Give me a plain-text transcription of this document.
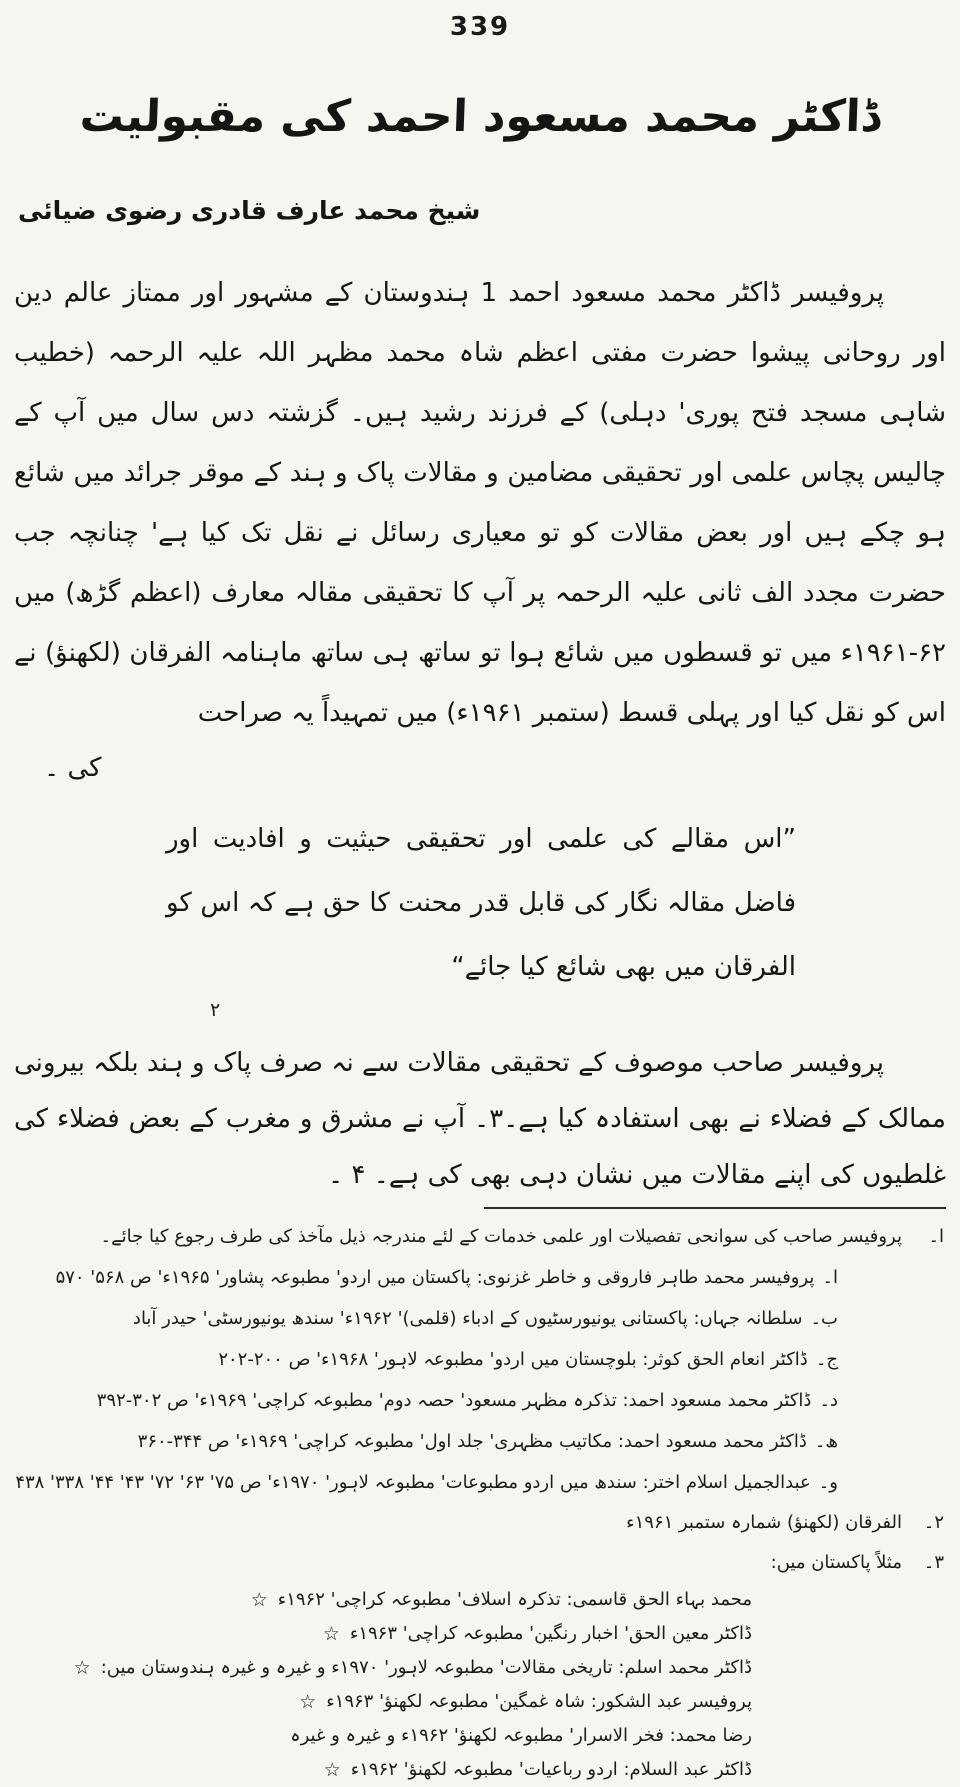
339
ڈاکٹر محمد مسعود احمد کی مقبولیت
شیخ محمد عارف قادری رضوی ضیائی

پروفیسر ڈاکٹر محمد مسعود احمد 1 ہندوستان کے مشہور اور ممتاز عالم دین اور روحانی پیشوا حضرت مفتی اعظم شاہ محمد مظہر اللہ علیہ الرحمہ (خطیب شاہی مسجد فتح پوری' دہلی) کے فرزند رشید ہیں۔ گزشتہ دس سال میں آپ کے چالیس پچاس علمی اور تحقیقی مضامین و مقالات پاک و ہند کے موقر جرائد میں شائع ہو چکے ہیں اور بعض مقالات کو تو معیاری رسائل نے نقل تک کیا ہے' چنانچہ جب حضرت مجدد الف ثانی علیہ الرحمہ پر آپ کا تحقیقی مقالہ معارف (اعظم گڑھ) میں ۶۲-۱۹۶۱ء میں تو قسطوں میں شائع ہوا تو ساتھ ہی ساتھ ماہنامہ الفرقان (لکھنؤ) نے اس کو نقل کیا اور پہلی قسط (ستمبر ۱۹۶۱ء) میں تمہیداً یہ صراحت

کی ۔

”اس مقالے کی علمی اور تحقیقی حیثیت و افادیت اور فاضل مقالہ نگار کی قابل قدر محنت کا حق ہے کہ اس کو الفرقان میں بھی شائع کیا جائے“
۲

پروفیسر صاحب موصوف کے تحقیقی مقالات سے نہ صرف پاک و ہند بلکہ بیرونی ممالک کے فضلاء نے بھی استفادہ کیا ہے۔۳۔ آپ نے مشرق و مغرب کے بعض فضلاء کی غلطیوں کی اپنے مقالات میں نشان دہی بھی کی ہے۔ ۴ ۔

ا۔
پروفیسر صاحب کی سوانحی تفصیلات اور علمی خدمات کے لئے مندرجہ ذیل مآخذ کی طرف رجوع کیا جائے۔
ا۔پروفیسر محمد طاہر فاروقی و خاطر غزنوی: پاکستان میں اردو' مطبوعہ پشاور' ۱۹۶۵ء' ص ۵۶۸' ۵۷۰
ب۔سلطانہ جہاں: پاکستانی یونیورسٹیوں کے ادباء (قلمی)' ۱۹۶۲ء' سندھ یونیورسٹی' حیدر آباد
ج۔ڈاکٹر انعام الحق کوثر: بلوچستان میں اردو' مطبوعہ لاہور' ۱۹۶۸ء' ص ۲۰۰-۲۰۲
د۔ڈاکٹر محمد مسعود احمد: تذکرہ مظہر مسعود' حصہ دوم' مطبوعہ کراچی' ۱۹۶۹ء' ص ۳۰۲-۳۹۲
ھ۔ڈاکٹر محمد مسعود احمد: مکاتیب مظہری' جلد اول' مطبوعہ کراچی' ۱۹۶۹ء' ص ۳۴۴-۳۶۰
و۔عبدالجمیل اسلام اختر: سندھ میں اردو مطبوعات' مطبوعہ لاہور' ۱۹۷۰ء' ص ۷۵' ۶۳' ۷۲' ۴۳' ۴۴' ۳۳۸' ۴۳۸
۲۔
الفرقان (لکھنؤ) شمارہ ستمبر ۱۹۶۱ء
۳۔
مثلاً پاکستان میں:
☆ محمد بہاء الحق قاسمی: تذکرہ اسلاف' مطبوعہ کراچی' ۱۹۶۲ء
☆ ڈاکٹر معین الحق' اخبار رنگین' مطبوعہ کراچی' ۱۹۶۳ء
☆ ڈاکٹر محمد اسلم: تاریخی مقالات' مطبوعہ لاہور' ۱۹۷۰ء و غیرہ و غیرہ ہندوستان میں:
☆ پروفیسر عبد الشکور: شاہ غمگین' مطبوعہ لکھنؤ' ۱۹۶۳ء
رضا محمد: فخر الاسرار' مطبوعہ لکھنؤ' ۱۹۶۲ء و غیرہ و غیرہ
☆ ڈاکٹر عبد السلام: اردو رباعیات' مطبوعہ لکھنؤ' ۱۹۶۲ء
